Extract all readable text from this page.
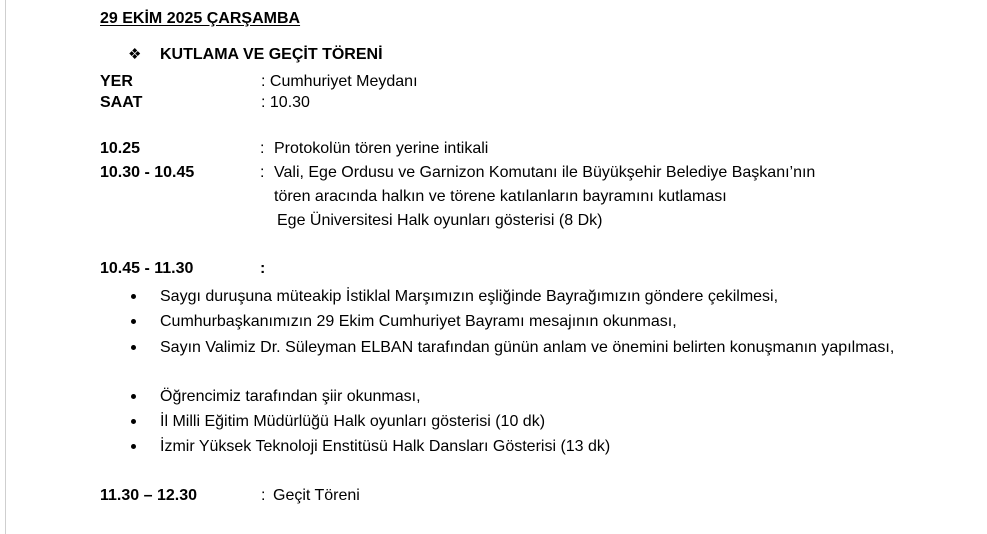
29 EKİM 2025 ÇARŞAMBA
❖ KUTLAMA VE GEÇİT TÖRENİ
YER	: Cumhuriyet Meydanı
SAAT	: 10.30
10.25	: Protokolün tören yerine intikali
10.30 - 10.45	: Vali, Ege Ordusu ve Garnizon Komutanı ile Büyükşehir Belediye Başkanı’nın
tören aracında halkın ve törene katılanların bayramını kutlaması
Ege Üniversitesi Halk oyunları gösterisi (8 Dk)
10.45 - 11.30	:
Saygı duruşuna müteakip İstiklal Marşımızın eşliğinde Bayrağımızın göndere çekilmesi,
Cumhurbaşkanımızın 29 Ekim Cumhuriyet Bayramı mesajının okunması,
Sayın Valimiz Dr. Süleyman ELBAN tarafından günün anlam ve önemini belirten konuşmanın yapılması,
Öğrencimiz tarafından şiir okunması,
İl Milli Eğitim Müdürlüğü Halk oyunları gösterisi (10 dk)
İzmir Yüksek Teknoloji Enstitüsü Halk Dansları Gösterisi (13 dk)
11.30 – 12.30	: Geçit Töreni
